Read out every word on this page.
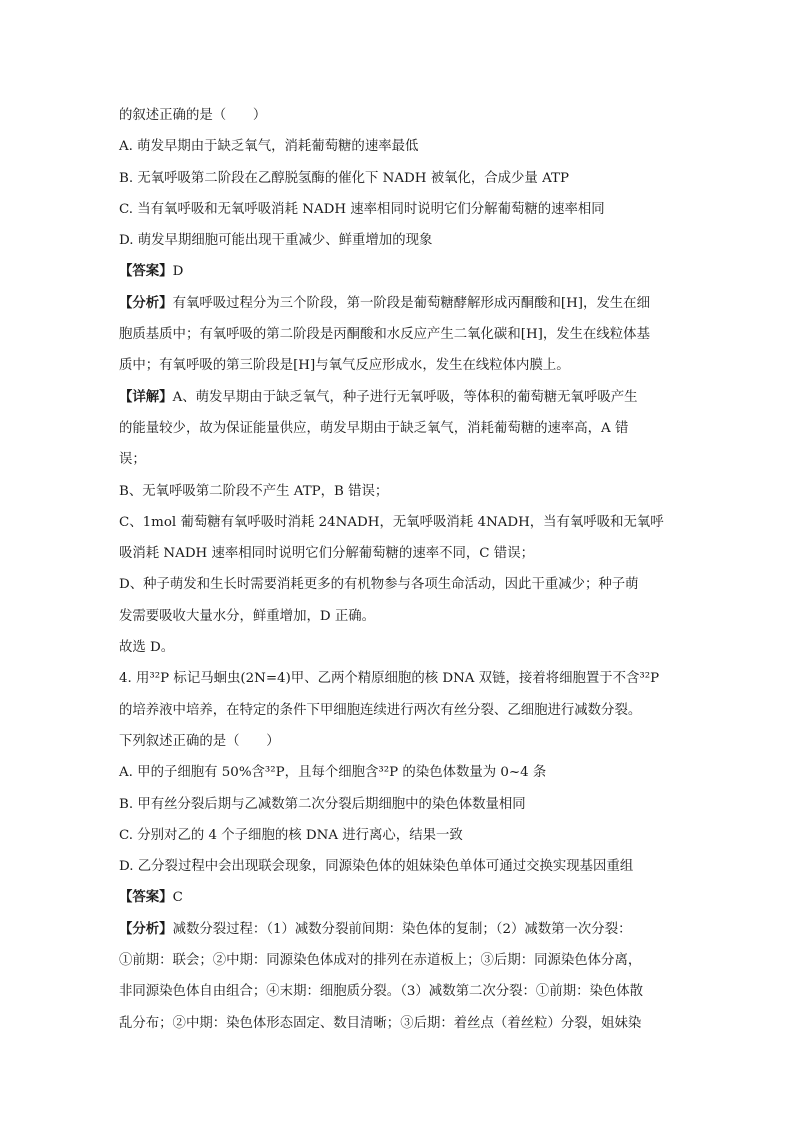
的叙述正确的是（　　）
A. 萌发早期由于缺乏氧气，消耗葡萄糖的速率最低
B. 无氧呼吸第二阶段在乙醇脱氢酶的催化下 NADH 被氧化，合成少量 ATP
C. 当有氧呼吸和无氧呼吸消耗 NADH 速率相同时说明它们分解葡萄糖的速率相同
D. 萌发早期细胞可能出现干重减少、鲜重增加的现象
【答案】D
【分析】有氧呼吸过程分为三个阶段，第一阶段是葡萄糖酵解形成丙酮酸和[H]，发生在细
胞质基质中；有氧呼吸的第二阶段是丙酮酸和水反应产生二氧化碳和[H]，发生在线粒体基
质中；有氧呼吸的第三阶段是[H]与氧气反应形成水，发生在线粒体内膜上。
【详解】A、萌发早期由于缺乏氧气，种子进行无氧呼吸，等体积的葡萄糖无氧呼吸产生
的能量较少，故为保证能量供应，萌发早期由于缺乏氧气，消耗葡萄糖的速率高，A 错
误；
B、无氧呼吸第二阶段不产生 ATP，B 错误；
C、1mol 葡萄糖有氧呼吸时消耗 24NADH，无氧呼吸消耗 4NADH，当有氧呼吸和无氧呼
吸消耗 NADH 速率相同时说明它们分解葡萄糖的速率不同，C 错误；
D、种子萌发和生长时需要消耗更多的有机物参与各项生命活动，因此干重减少；种子萌
发需要吸收大量水分，鲜重增加，D 正确。
故选 D。
4. 用³²P 标记马蛔虫(2N=4)甲、乙两个精原细胞的核 DNA 双链，接着将细胞置于不含³²P
的培养液中培养，在特定的条件下甲细胞连续进行两次有丝分裂、乙细胞进行减数分裂。
下列叙述正确的是（　　）
A. 甲的子细胞有 50%含³²P，且每个细胞含³²P 的染色体数量为 0~4 条
B. 甲有丝分裂后期与乙减数第二次分裂后期细胞中的染色体数量相同
C. 分别对乙的 4 个子细胞的核 DNA 进行离心，结果一致
D. 乙分裂过程中会出现联会现象，同源染色体的姐妹染色单体可通过交换实现基因重组
【答案】C
【分析】减数分裂过程：（1）减数分裂前间期：染色体的复制；（2）减数第一次分裂：
①前期：联会；②中期：同源染色体成对的排列在赤道板上；③后期：同源染色体分离，
非同源染色体自由组合；④末期：细胞质分裂。（3）减数第二次分裂：①前期：染色体散
乱分布；②中期：染色体形态固定、数目清晰；③后期：着丝点（着丝粒）分裂，姐妹染
